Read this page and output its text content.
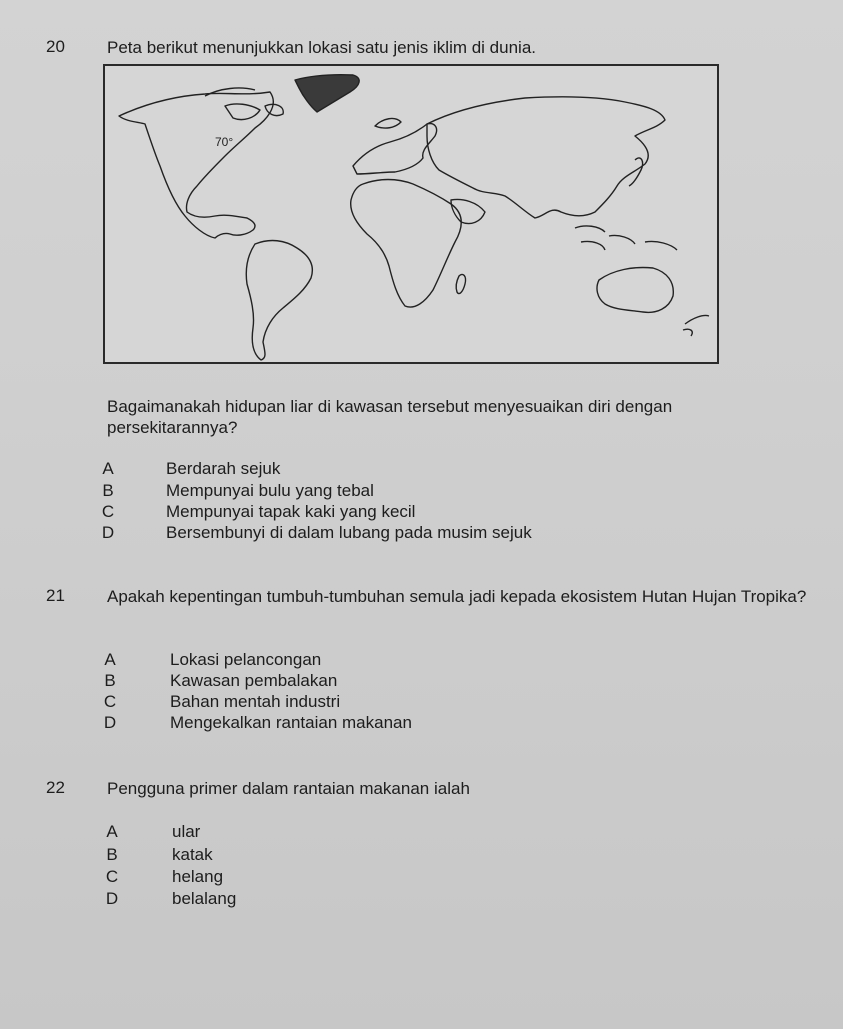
20 Peta berikut menunjukkan lokasi satu jenis iklim di dunia.
70°
Bagaimanakah hidupan liar di kawasan tersebut menyesuaikan diri dengan persekitarannya?
A	Berdarah sejuk
B	Mempunyai bulu yang tebal
C	Mempunyai tapak kaki yang kecil
D	Bersembunyi di dalam lubang pada musim sejuk
21 Apakah kepentingan tumbuh-tumbuhan semula jadi kepada ekosistem Hutan Hujan Tropika?
A	Lokasi pelancongan
B	Kawasan pembalakan
C	Bahan mentah industri
D	Mengekalkan rantaian makanan
22 Pengguna primer dalam rantaian makanan ialah
A	ular
B	katak
C	helang
D	belalang
